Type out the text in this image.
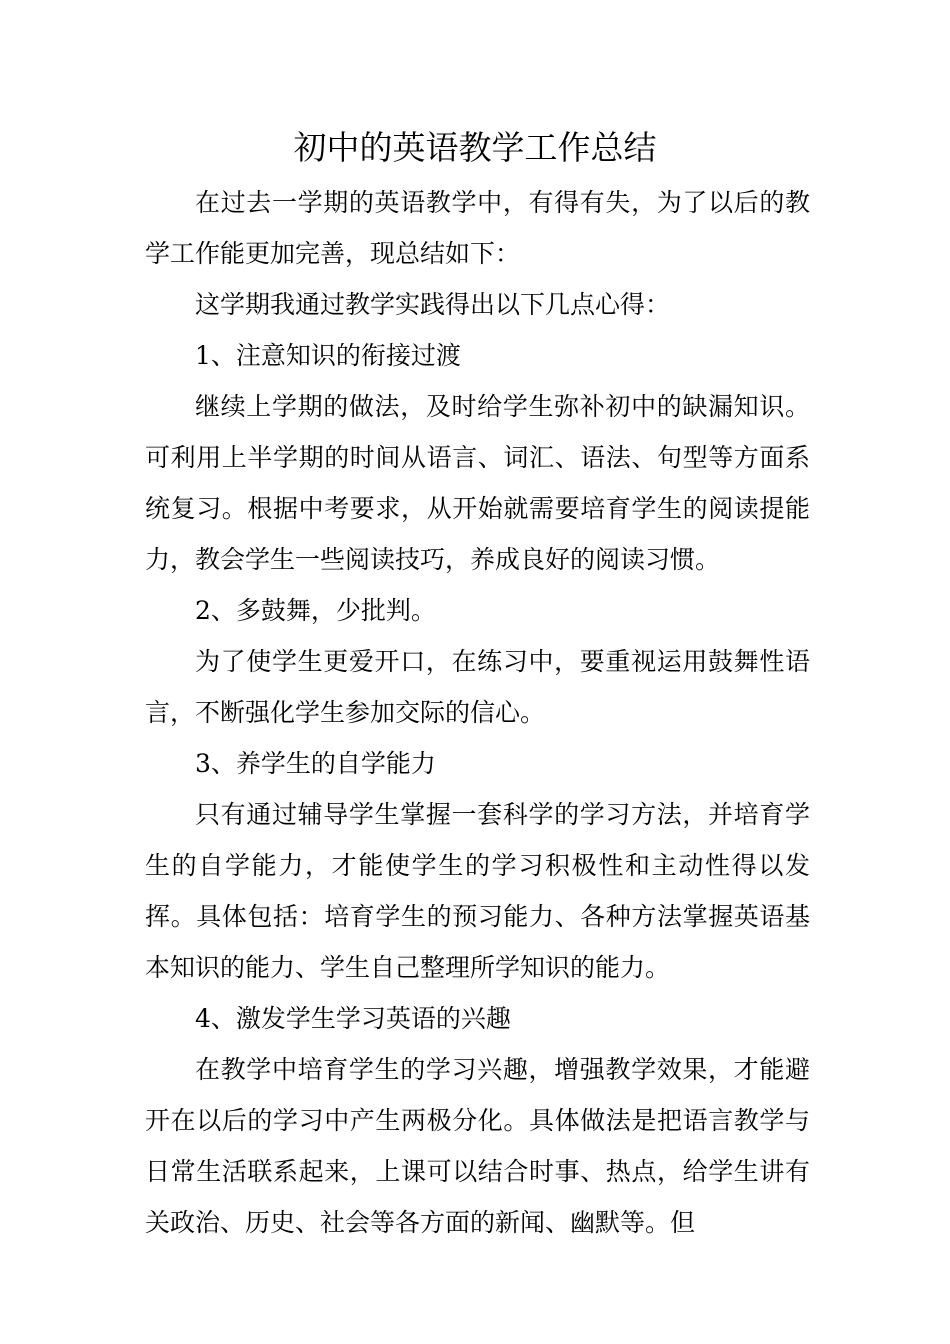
初中的英语教学工作总结

在过去一学期的英语教学中，有得有失，为了以后的教学工作能更加完善，现总结如下：

这学期我通过教学实践得出以下几点心得：

1、注意知识的衔接过渡

继续上学期的做法，及时给学生弥补初中的缺漏知识。可利用上半学期的时间从语言、词汇、语法、句型等方面系统复习。根据中考要求，从开始就需要培育学生的阅读提能力，教会学生一些阅读技巧，养成良好的阅读习惯。

2、多鼓舞，少批判。

为了使学生更爱开口，在练习中，要重视运用鼓舞性语言，不断强化学生参加交际的信心。

3、养学生的自学能力

只有通过辅导学生掌握一套科学的学习方法，并培育学生的自学能力，才能使学生的学习积极性和主动性得以发挥。具体包括：培育学生的预习能力、各种方法掌握英语基本知识的能力、学生自己整理所学知识的能力。

4、激发学生学习英语的兴趣

在教学中培育学生的学习兴趣，增强教学效果，才能避开在以后的学习中产生两极分化。具体做法是把语言教学与日常生活联系起来，上课可以结合时事、热点，给学生讲有关政治、历史、社会等各方面的新闻、幽默等。但
